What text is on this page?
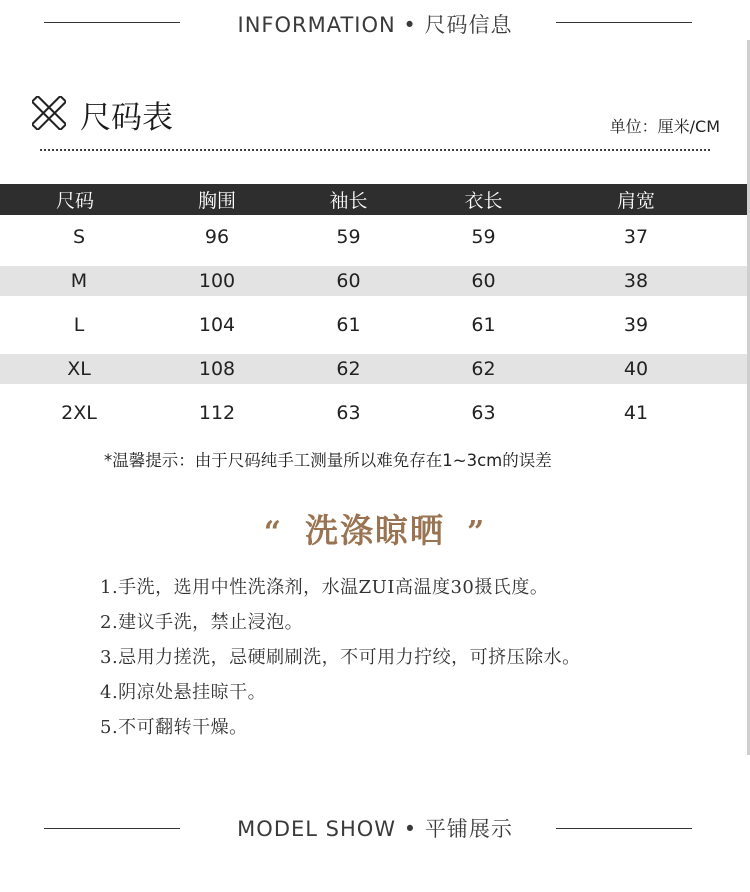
INFORMATION • 尺码信息
尺码表	单位：厘米/CM
尺码	胸围	袖长	衣长	肩宽
S	96	59	59	37
M	100	60	60	38
L	104	61	61	39
XL	108	62	62	40
2XL	112	63	63	41
*温馨提示：由于尺码纯手工测量所以难免存在1~3cm的误差
“ 洗涤晾晒 ”
1.手洗，选用中性洗涤剂，水温ZUI高温度30摄氏度。
2.建议手洗，禁止浸泡。
3.忌用力搓洗，忌硬刷刷洗，不可用力拧绞，可挤压除水。
4.阴凉处悬挂晾干。
5.不可翻转干燥。
MODEL SHOW • 平铺展示
